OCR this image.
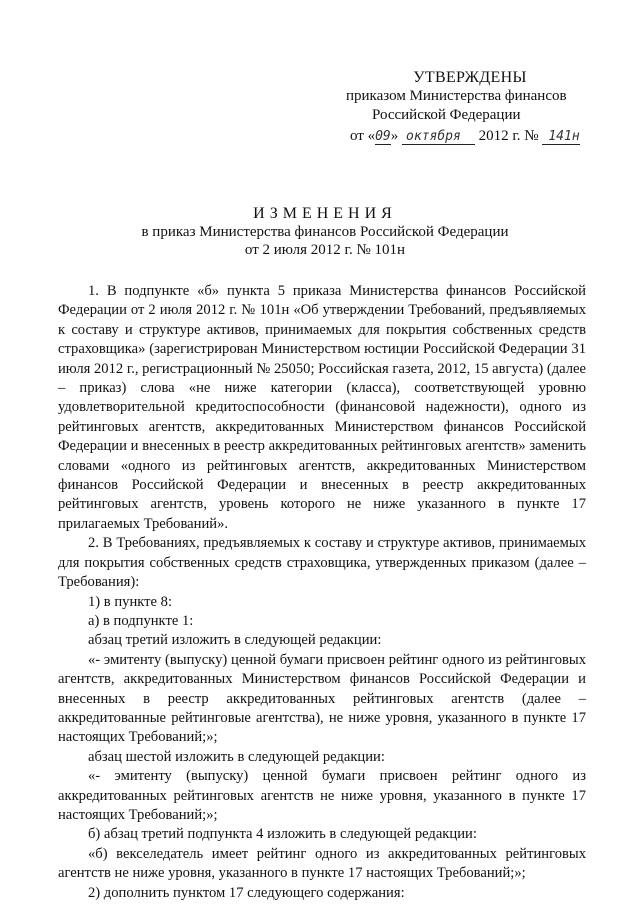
УТВЕРЖДЕНЫ
приказом Министерства финансов
Российской Федерации
от «09» октября 2012 г. № 141н
ИЗМЕНЕНИЯ
в приказ Министерства финансов Российской Федерации
от 2 июля 2012 г. № 101н

1. В подпункте «б» пункта 5 приказа Министерства финансов Российской Федерации от 2 июля 2012 г. № 101н «Об утверждении Требований, предъявляемых к составу и структуре активов, принимаемых для покрытия собственных средств страховщика» (зарегистрирован Министерством юстиции Российской Федерации 31 июля 2012 г., регистрационный № 25050; Российская газета, 2012, 15 августа) (далее – приказ) слова «не ниже категории (класса), соответствующей уровню удовлетворительной кредитоспособности (финансовой надежности), одного из рейтинговых агентств, аккредитованных Министерством финансов Российской Федерации и внесенных в реестр аккредитованных рейтинговых агентств» заменить словами «одного из рейтинговых агентств, аккредитованных Министерством финансов Российской Федерации и внесенных в реестр аккредитованных рейтинговых агентств, уровень которого не ниже указанного в пункте 17 прилагаемых Требований».

2. В Требованиях, предъявляемых к составу и структуре активов, принимаемых для покрытия собственных средств страховщика, утвержденных приказом (далее – Требования):

1) в пункте 8:

а) в подпункте 1:

абзац третий изложить в следующей редакции:

«- эмитенту (выпуску) ценной бумаги присвоен рейтинг одного из рейтинговых агентств, аккредитованных Министерством финансов Российской Федерации и внесенных в реестр аккредитованных рейтинговых агентств (далее – аккредитованные рейтинговые агентства), не ниже уровня, указанного в пункте 17 настоящих Требований;»;

абзац шестой изложить в следующей редакции:

«- эмитенту (выпуску) ценной бумаги присвоен рейтинг одного из аккредитованных рейтинговых агентств не ниже уровня, указанного в пункте 17 настоящих Требований;»;

б) абзац третий подпункта 4 изложить в следующей редакции:

«б) векселедатель имеет рейтинг одного из аккредитованных рейтинговых агентств не ниже уровня, указанного в пункте 17 настоящих Требований;»;

2) дополнить пунктом 17 следующего содержания:
